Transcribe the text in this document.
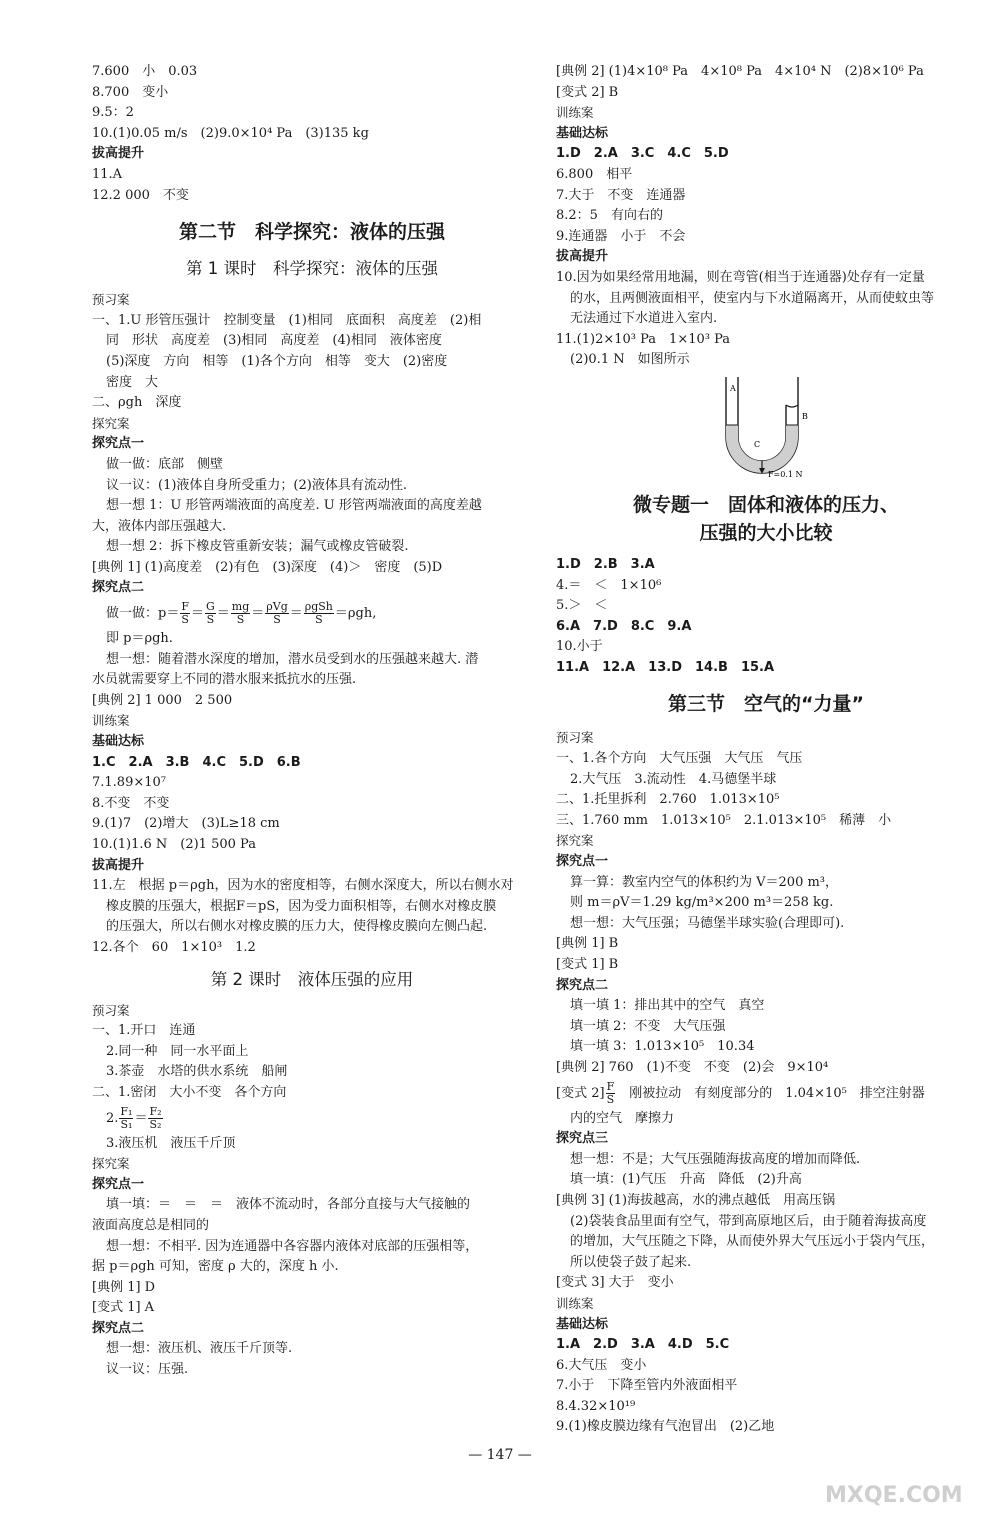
7.600　小　0.03
8.700　变小
9.5：2
10.(1)0.05 m/s　(2)9.0×10⁴ Pa　(3)135 kg
拔高提升
11.A
12.2 000　不变
第二节　科学探究：液体的压强
第 1 课时　科学探究：液体的压强
预习案
一、1.U 形管压强计　控制变量　(1)相同　底面积　高度差　(2)相
同　形状　高度差　(3)相同　高度差　(4)相同　液体密度
(5)深度　方向　相等　(1)各个方向　相等　变大　(2)密度
密度　大
二、ρgh　深度
探究案
探究点一
做一做：底部　侧壁
议一议：(1)液体自身所受重力；(2)液体具有流动性.
想一想 1：U 形管两端液面的高度差. U 形管两端液面的高度差越
大，液体内部压强越大.
想一想 2：拆下橡皮管重新安装；漏气或橡皮管破裂.
[典例 1] (1)高度差　(2)有色　(3)深度　(4)＞　密度　(5)D
探究点二
做一做：$p= \frac{F}{S} = \frac{G}{S} = \frac{mg}{S} = \frac{\text{ρVg}}{S} = \frac{\text{ρgSh}}{S} =\rho gh$,
即 p＝ρgh.
想一想：随着潜水深度的增加，潜水员受到水的压强越来越大. 潜
水员就需要穿上不同的潜水服来抵抗水的压强.
[典例 2] 1 000　2 500
训练案
基础达标
1.C　2.A　3.B　4.C　5.D　6.B
7.1.89×10⁷
8.不变　不变
9.(1)7　(2)增大　(3)L≥18 cm
10.(1)1.6 N　(2)1 500 Pa
拔高提升
11.左　根据 p＝ρgh，因为水的密度相等，右侧水深度大，所以右侧水对
橡皮膜的压强大，根据F＝pS，因为受力面积相等，右侧水对橡皮膜
的压强大，所以右侧水对橡皮膜的压力大，使得橡皮膜向左侧凸起.
12.各个　60　1×10³　1.2
第 2 课时　液体压强的应用
预习案
一、1.开口　连通
2.同一种　同一水平面上
3.茶壶　水塔的供水系统　船闸
二、1.密闭　大小不变　各个方向
2. $\frac{\text{F₁}}{\text{S₁}} = \frac{\text{F₂}}{\text{S₂}}$
3.液压机　液压千斤顶
探究案
探究点一
填一填：＝　＝　＝　液体不流动时，各部分直接与大气接触的
液面高度总是相同的
想一想：不相平. 因为连通器中各容器内液体对底部的压强相等，
据 p＝ρgh 可知，密度 ρ 大的，深度 h 小.
[典例 1] D
[变式 1] A
探究点二
想一想：液压机、液压千斤顶等.
议一议：压强.
[典例 2] (1)4×10⁸ Pa　4×10⁸ Pa　4×10⁴ N　(2)8×10⁶ Pa
[变式 2] B
训练案
基础达标
1.D　2.A　3.C　4.C　5.D
6.800　相平
7.大于　不变　连通器
8.2：5　有向右的
9.连通器　小于　不会
拔高提升
10.因为如果经常用地漏，则在弯管(相当于连通器)处存有一定量
的水，且两侧液面相平，使室内与下水道隔离开，从而使蚊虫等
无法通过下水道进入室内.
11.(1)2×10³ Pa　1×10³ Pa
(2)0.1 N　如图所示
A
B
C
F=0.1 N
微专题一　固体和液体的压力、
压强的大小比较
1.D　2.B　3.A
4.＝　＜　1×10⁶
5.＞　＜
6.A　7.D　8.C　9.A
10.小于
11.A　12.A　13.D　14.B　15.A
第三节　空气的“力量”
预习案
一、1.各个方向　大气压强　大气压　气压
2.大气压　3.流动性　4.马德堡半球
二、1.托里拆利　2.760　1.013×10⁵
三、1.760 mm　1.013×10⁵　2.1.013×10⁵　稀薄　小
探究案
探究点一
算一算：教室内空气的体积约为 V＝200 m³，
则 m＝ρV＝1.29 kg/m³×200 m³＝258 kg.
想一想：大气压强；马德堡半球实验(合理即可).
[典例 1] B
[变式 1] B
探究点二
填一填 1：排出其中的空气　真空
填一填 2：不变　大气压强
填一填 3：1.013×10⁵　10.34
[典例 2] 760　(1)不变　不变　(2)会　9×10⁴
[变式 $2] \frac{F}{S}$
　 刚被拉动　有刻度部分的　1.04×10⁵　排空注射器
内的空气　摩擦力
探究点三
想一想：不是；大气压强随海拔高度的增加而降低.
填一填：(1)气压　升高　降低　(2)升高
[典例 3] (1)海拔越高，水的沸点越低　用高压锅
(2)袋装食品里面有空气，带到高原地区后，由于随着海拔高度
的增加，大气压随之下降，从而使外界大气压远小于袋内气压，
所以使袋子鼓了起来.
[变式 3] 大于　变小
训练案
基础达标
1.A　2.D　3.A　4.D　5.C
6.大气压　变小
7.小于　下降至管内外液面相平
8.4.32×10¹⁹
9.(1)橡皮膜边缘有气泡冒出　(2)乙地
— 147 —
MXQE.COM
